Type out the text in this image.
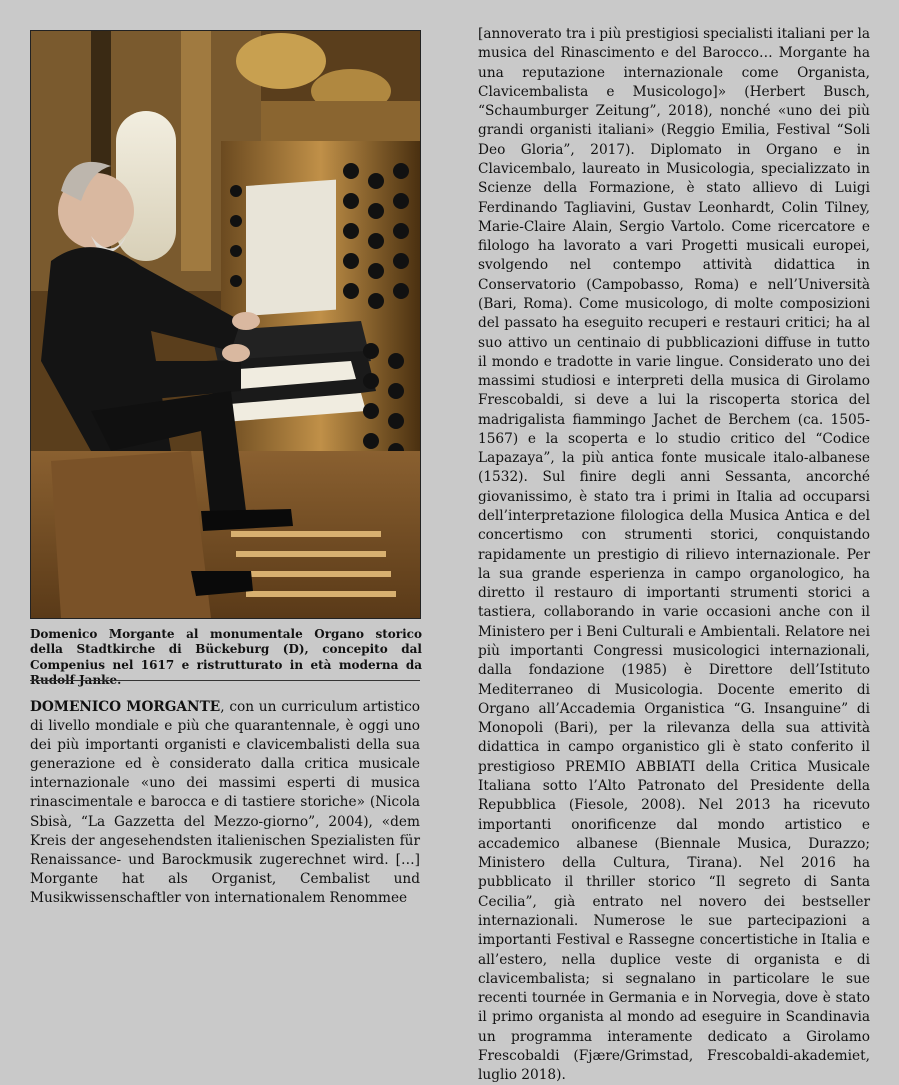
Domenico Morgante al monumentale Organo storico della Stadtkirche di Bückeburg (D), concepito dal Compenius nel 1617 e ristrutturato in età moderna da Rudolf Janke.
DOMENICO MORGANTE, con un curriculum artistico di livello mondiale e più che quarantennale, è oggi uno dei più importanti organisti e clavicembalisti della sua generazione ed è considerato dalla critica musicale internazionale «uno dei massimi esperti di musica rinascimentale e barocca e di tastiere storiche» (Nicola Sbisà, “La Gazzetta del Mezzo-giorno”, 2004), «dem Kreis der angesehendsten italienischen Spezialisten für Renaissance- und Barockmusik zugerechnet wird. […] Morgante hat als Organist, Cembalist und Musikwissenschaftler von internationalem Renommee
[annoverato tra i più prestigiosi specialisti italiani per la musica del Rinascimento e del Barocco… Morgante ha una reputazione internazionale come Organista, Clavicembalista e Musicologo]» (Herbert Busch, “Schaumburger Zeitung”, 2018), nonché «uno dei più grandi organisti italiani» (Reggio Emilia, Festival “Soli Deo Gloria”, 2017). Diplomato in Organo e in Clavicembalo, laureato in Musicologia, specializzato in Scienze della Formazione, è stato allievo di Luigi Ferdinando Tagliavini, Gustav Leonhardt, Colin Tilney, Marie-Claire Alain, Sergio Vartolo. Come ricercatore e filologo ha lavorato a vari Progetti musicali europei, svolgendo nel contempo attività didattica in Conservatorio (Campobasso, Roma) e nell’Università (Bari, Roma). Come musicologo, di molte composizioni del passato ha eseguito recuperi e restauri critici; ha al suo attivo un centinaio di pubblicazioni diffuse in tutto il mondo e tradotte in varie lingue. Considerato uno dei massimi studiosi e interpreti della musica di Girolamo Frescobaldi, si deve a lui la riscoperta storica del madrigalista fiammingo Jachet de Berchem (ca. 1505-1567) e la scoperta e lo studio critico del “Codice Lapazaya”, la più antica fonte musicale italo-albanese (1532). Sul finire degli anni Sessanta, ancorché giovanissimo, è stato tra i primi in Italia ad occuparsi dell’interpretazione filologica della Musica Antica e del concertismo con strumenti storici, conquistando rapidamente un prestigio di rilievo internazionale. Per la sua grande esperienza in campo organologico, ha diretto il restauro di importanti strumenti storici a tastiera, collaborando in varie occasioni anche con il Ministero per i Beni Culturali e Ambientali. Relatore nei più importanti Congressi musicologici internazionali, dalla fondazione (1985) è Direttore dell’Istituto Mediterraneo di Musicologia. Docente emerito di Organo all’Accademia Organistica “G. Insanguine” di Monopoli (Bari), per la rilevanza della sua attività didattica in campo organistico gli è stato conferito il prestigioso PREMIO ABBIATI della Critica Musicale Italiana sotto l’Alto Patronato del Presidente della Repubblica (Fiesole, 2008). Nel 2013 ha ricevuto importanti onorificenze dal mondo artistico e accademico albanese (Biennale Musica, Durazzo; Ministero della Cultura, Tirana). Nel 2016 ha pubblicato il thriller storico “Il segreto di Santa Cecilia”, già entrato nel novero dei bestseller internazionali. Numerose le sue partecipazioni a importanti Festival e Rassegne concertistiche in Italia e all’estero, nella duplice veste di organista e di clavicembalista; si segnalano in particolare le sue recenti tournée in Germania e in Norvegia, dove è stato il primo organista al mondo ad eseguire in Scandinavia un programma interamente dedicato a Girolamo Frescobaldi (Fjære/Grimstad, Frescobaldi-akademiet, luglio 2018).
